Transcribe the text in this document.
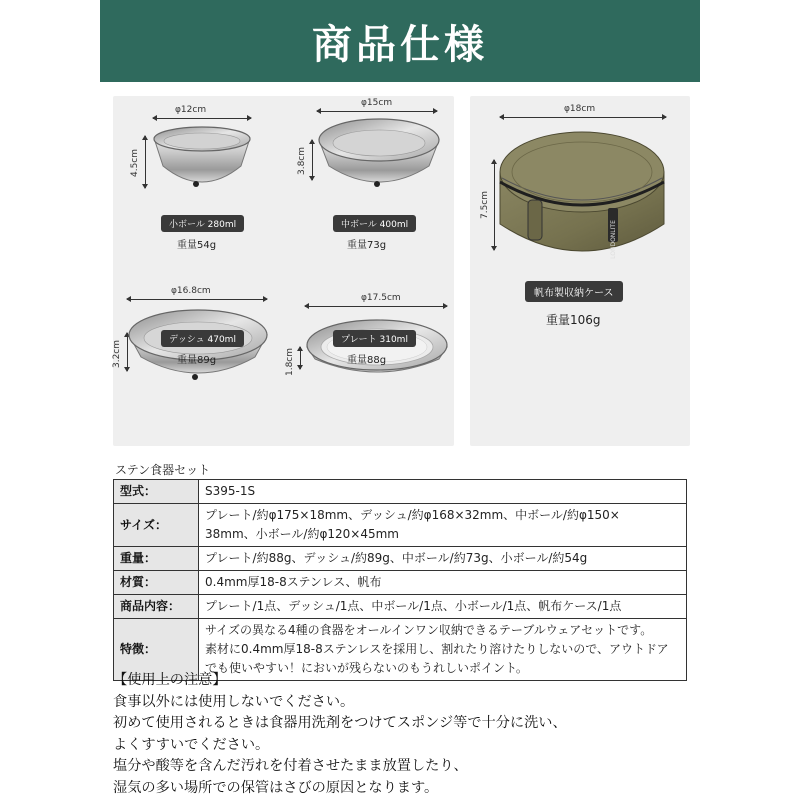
商品仕様
φ12cm
4.5cm
小ボール 280ml
重量54g
φ15cm
3.8cm
中ボール 400ml
重量73g
φ16.8cm
3.2cm	デッシュ 470ml
重量89g
φ17.5cm
1.8cm
プレート 310ml
重量88g
φ18cm
7.5cm
LONDONLITE
帆布製収納ケース
重量106g
ステン食器セット
型式：	S395-1S

サイズ：	プレート/約φ175×18mm、デッシュ/約φ168×32mm、中ボール/約φ150×
38mm、小ボール/約φ120×45mm

重量：	プレート/約88g、デッシュ/約89g、中ボール/約73g、小ボール/約54g

材質：	0.4mm厚18-8ステンレス、帆布

商品内容：	プレート/1点、デッシュ/1点、中ボール/1点、小ボール/1点、帆布ケース/1点

特徴：	サイズの異なる4種の食器をオールインワン収納できるテーブルウェアセットです。
素材に0.4mm厚18-8ステンレスを採用し、割れたり溶けたりしないので、アウトドア
でも使いやすい！においが残らないのもうれしいポイント。
【使用上の注意】
食事以外には使用しないでください。
初めて使用されるときは食器用洗剤をつけてスポンジ等で十分に洗い、
よくすすいでください。
塩分や酸等を含んだ汚れを付着させたまま放置したり、
湿気の多い場所での保管はさびの原因となります。
